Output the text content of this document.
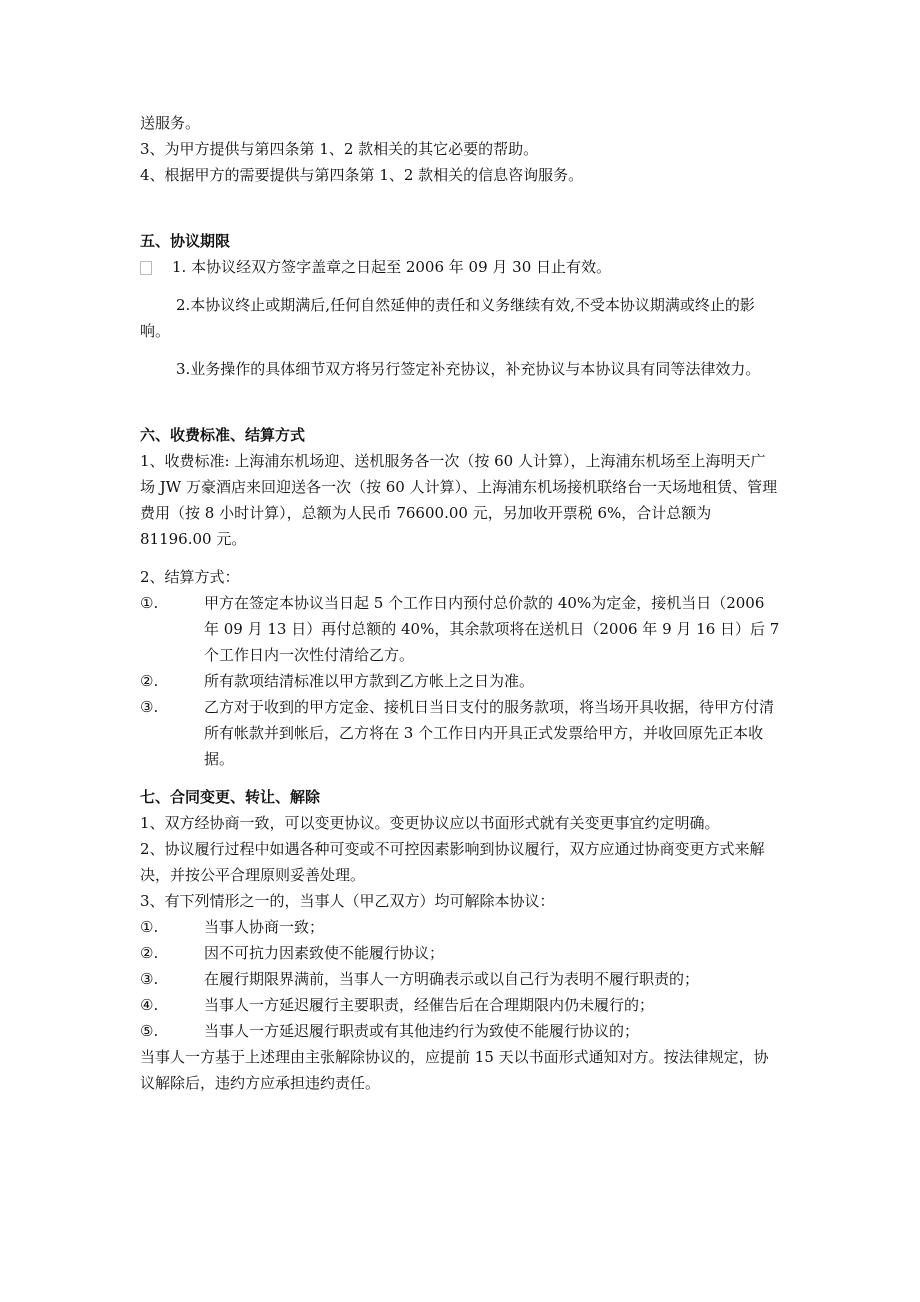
送服务。

3、为甲方提供与第四条第 1、2 款相关的其它必要的帮助。

4、根据甲方的需要提供与第四条第 1、2 款相关的信息咨询服务。

五、协议期限

1. 本协议经双方签字盖章之日起至 2006 年 09 月 30 日止有效。

2.本协议终止或期满后,任何自然延伸的责任和义务继续有效,不受本协议期满或终止的影响。

3.业务操作的具体细节双方将另行签定补充协议，补充协议与本协议具有同等法律效力。

六、收费标准、结算方式

1、收费标准: 上海浦东机场迎、送机服务各一次（按 60 人计算），上海浦东机场至上海明天广场 JW 万豪酒店来回迎送各一次（按 60 人计算）、上海浦东机场接机联络台一天场地租赁、管理费用（按 8 小时计算），总额为人民币 76600.00 元，另加收开票税 6%，合计总额为 81196.00 元。

2、结算方式：

①.	甲方在签定本协议当日起 5 个工作日内预付总价款的 40%为定金，接机当日（2006 年 09 月 13 日）再付总额的 40%，其余款项将在送机日（2006 年 9 月 16 日）后 7 个工作日内一次性付清给乙方。
②.	所有款项结清标准以甲方款到乙方帐上之日为准。
③.	乙方对于收到的甲方定金、接机日当日支付的服务款项，将当场开具收据，待甲方付清所有帐款并到帐后，乙方将在 3 个工作日内开具正式发票给甲方，并收回原先正本收据。

七、合同变更、转让、解除

1、双方经协商一致，可以变更协议。变更协议应以书面形式就有关变更事宜约定明确。

2、协议履行过程中如遇各种可变或不可控因素影响到协议履行，双方应通过协商变更方式来解决，并按公平合理原则妥善处理。

3、有下列情形之一的，当事人（甲乙双方）均可解除本协议：

①.	当事人协商一致；
②.	因不可抗力因素致使不能履行协议；
③.	在履行期限界满前，当事人一方明确表示或以自己行为表明不履行职责的；
④.	当事人一方延迟履行主要职责，经催告后在合理期限内仍未履行的；
⑤.	当事人一方延迟履行职责或有其他违约行为致使不能履行协议的；

当事人一方基于上述理由主张解除协议的，应提前 15 天以书面形式通知对方。按法律规定，协议解除后，违约方应承担违约责任。
